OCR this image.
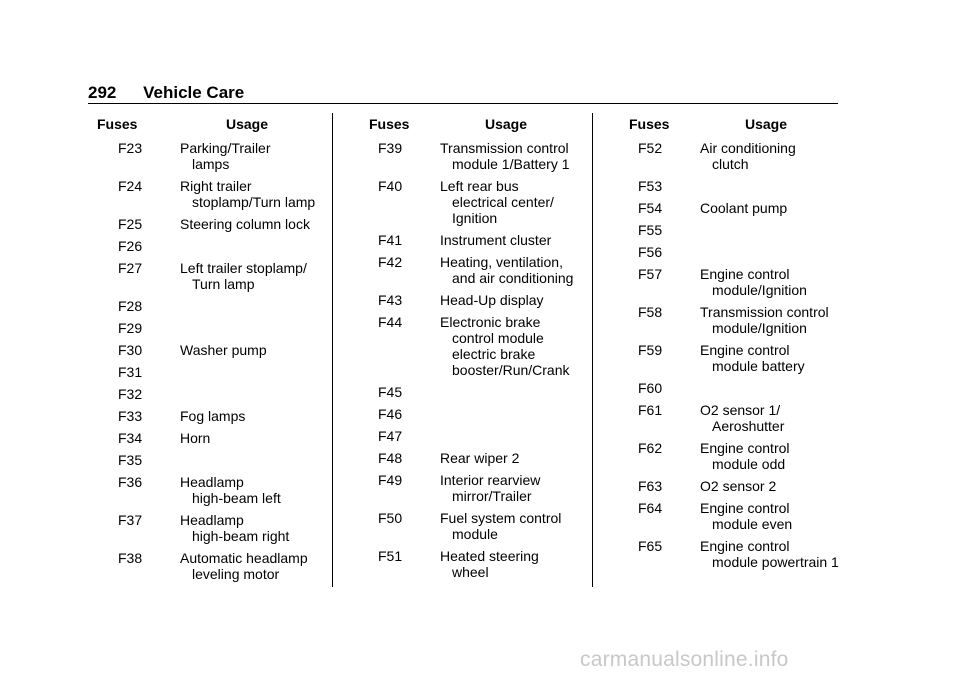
292 Vehicle Care
Fuses	Usage
F23	Parking/Trailer
lamps
F24	Right trailer
stoplamp/Turn lamp
F25	Steering column lock
F26
F27	Left trailer stoplamp/
Turn lamp
F28
F29
F30	Washer pump
F31
F32
F33	Fog lamps
F34	Horn
F35
F36	Headlamp
high-beam left
F37	Headlamp
high-beam right
F38	Automatic headlamp
leveling motor
Fuses	Usage
F39	Transmission control
module 1/Battery 1
F40	Left rear bus
electrical center/
Ignition
F41	Instrument cluster
F42	Heating, ventilation,
and air conditioning
F43	Head-Up display
F44	Electronic brake
control module
electric brake
booster/Run/Crank
F45
F46
F47
F48	Rear wiper 2
F49	Interior rearview
mirror/Trailer
F50	Fuel system control
module
F51	Heated steering
wheel
Fuses	Usage
F52	Air conditioning
clutch
F53
F54	Coolant pump
F55
F56
F57	Engine control
module/Ignition
F58	Transmission control
module/Ignition
F59	Engine control
module battery
F60
F61	O2 sensor 1/
Aeroshutter
F62	Engine control
module odd
F63	O2 sensor 2
F64	Engine control
module even
F65	Engine control
module powertrain 1
carmanualsonline.info
